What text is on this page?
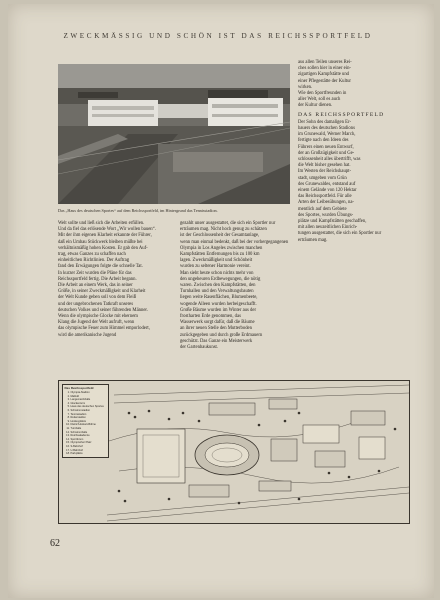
ZWECKMÄSSIG UND SCHÖN IST DAS REICHSSPORTFELD
Das „Haus des deutschen Sportes“ auf dem Reichssportfeld, im Hintergrund das Tennisstadion.

aus allen Teilen unseres Rei-

ches sollen hier in einer ein-

zigartigen Kampfstätte und

einer Pflegestätte der Kultur

wirken.

Wie den Sportfreunden in

aller Welt, soll es auch

der Kultur dienen.

DAS REICHSSPORTFELD

Der Sohn des damaligen Er-

bauers des deutschen Stadions

im Grunewald, Werner March,

fertigte nach den Ideen des

Führers einen neuen Entwurf,

der an Großzügigkeit und Ge-

schlossenheit alles übertrifft, was

die Welt bisher gesehen hat.

Im Westen der Reichshaupt-

stadt, umgeben vom Grün

des Grunewaldes, entstand auf

einem Gelände von 120 Hektar

das Reichssportfeld. Für alle

Arten der Leibesübungen, na-

mentlich auf dem Gebiete

des Sportes, wurden Übungs-

plätze und Kampfstätten geschaffen,

mit allen neuzeitlichen Einrich-

tungen ausgestattet, die sich ein Sportler nur

erträumen mag.

Welt sollte und ließ sich die Arbeiten erfüllen.

Und da fiel das erlösende Wort „Wir wollen bauen“.

Mit der ihm eigenen Klarheit erkannte der Führer,

daß ein Umbau Stückwerk bleiben müßte bei

verhältnismäßig hohen Kosten. Er gab den Auf-

trag, etwas Ganzes zu schaffen nach

einheitlichen Richtlinien. Der Auftrag

fand den Erwägungen folgte die schnelle Tat.

In kurzer Zeit wurden die Pläne für das

Reichssportfeld fertig. Die Arbeit begann.

Die Arbeit an einem Werk, das in seiner

Größe, in seiner Zweckmäßigkeit und Klarheit

der Welt Kunde geben soll von dem Fleiß

und der ungebrochenen Tatkraft unseres

deutschen Volkes und seiner führenden Männer.

Wenn die olympische Glocke mit ehernem

Klang die Jugend der Welt aufruft, wenn

das olympische Feuer zum Himmel emporlodert,

wird die amerikanische Jugend

gezahlt unser ausgestattet, die sich ein Sportler nur

erträumen mag. Nicht hoch genug zu schätzen

ist der Geschlossenheit der Gesamtanlage,

wenn man einmal bedenkt, daß bei der vorhergegangenen

Olympia in Los Angeles zwischen manchen

Kampfstätten Entfernungen bis zu 100 km

lagen. Zweckmäßigkeit und Schönheit

wurden zu seltener Harmonie vereint.

Man sieht heute schon nichts mehr von

den ungeheuren Erdbewegungen, die nötig

waren. Zwischen den Kampfstätten, den

Turnhallen und den Verwaltungsbauten

liegen weite Rasenflächen, Blumenbeete,

wogende Alleen wurden herbeigeschafft.

Große Bäume wurden im Winter aus der

frostharten Erde genommen, das

Wasserwerk sorgt dafür, daß die Bäume

an ihrer neuen Stelle den Mutterboden

zurückgegeben und durch große Erdmauern

geschützt. Das Ganze ein Meisterwerk

der Gartenbaukunst.

Das Reichssportfeld
1. Olympia-Stadion
2. Maifeld
3. Langemarckhalle
4. Glockenturm
5. Haus des deutschen Sportes
6. Schwimmstadion
7. Tennisstadion
8. Reiterstadion
9. Hockeyplätze
10. Dietrich-Eckart-Bühne
11. Turnhalle
12. Schwimmhalle
13. Reichsakademie
14. Sportforum
15. Olympischer Platz
16. S-Bahnhof
17. U-Bahnhof
18. Parkplätze
62
